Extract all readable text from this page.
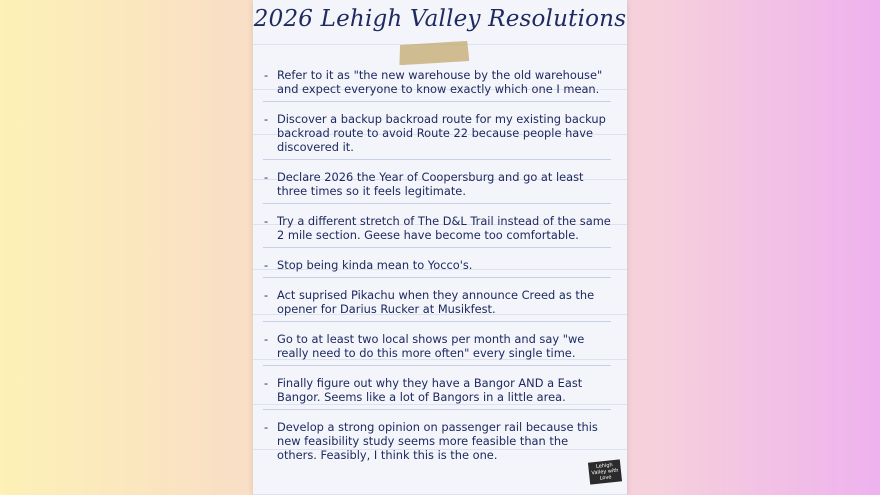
2026 Lehigh Valley Resolutions
- Refer to it as "the new warehouse by the old warehouse" and expect everyone to know exactly which one I mean.
- Discover a backup backroad route for my existing backup backroad route to avoid Route 22 because people have discovered it.
- Declare 2026 the Year of Coopersburg and go at least three times so it feels legitimate.
- Try a different stretch of The D&L Trail instead of the same 2 mile section. Geese have become too comfortable.
- Stop being kinda mean to Yocco's.
- Act suprised Pikachu when they announce Creed as the opener for Darius Rucker at Musikfest.
- Go to at least two local shows per month and say "we really need to do this more often" every single time.
- Finally figure out why they have a Bangor AND a East Bangor. Seems like a lot of Bangors in a little area.
- Develop a strong opinion on passenger rail because this new feasibility study seems more feasible than the others. Feasibly, I think this is the one.
Lehigh Valley with Love
